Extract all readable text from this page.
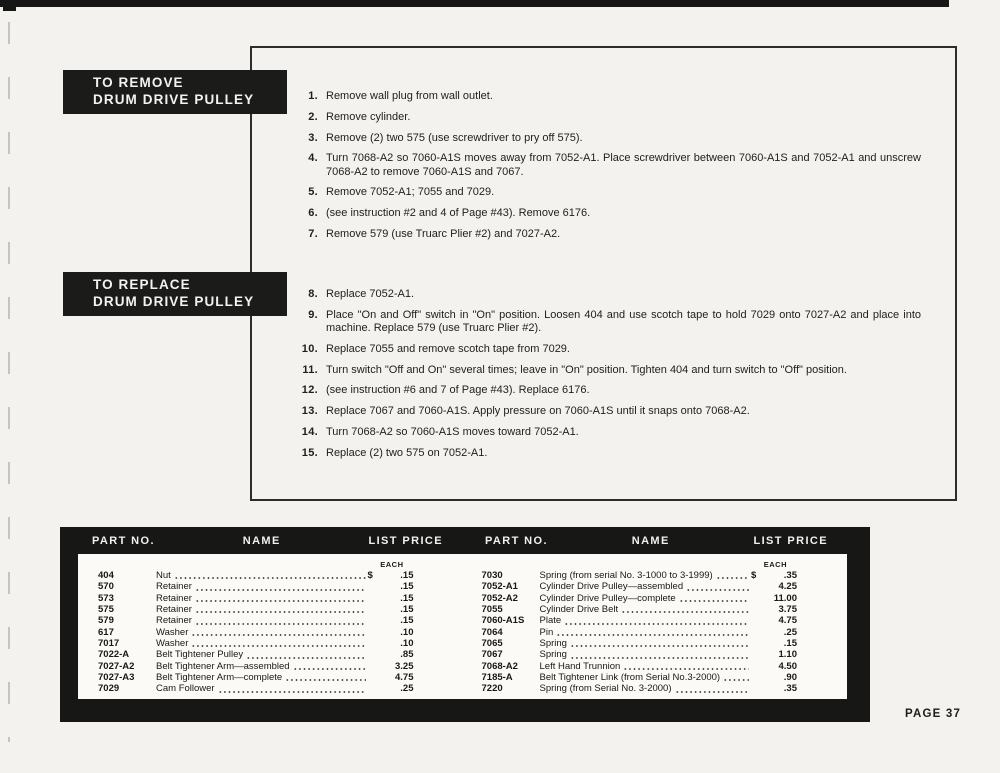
TO REMOVE
DRUM DRIVE PULLEY
TO REPLACE
DRUM DRIVE PULLEY
1. Remove wall plug from wall outlet.
2. Remove cylinder.
3. Remove (2) two 575 (use screwdriver to pry off 575).
4. Turn 7068-A2 so 7060-A1S moves away from 7052-A1. Place screwdriver between 7060-A1S and 7052-A1 and unscrew 7068-A2 to remove 7060-A1S and 7067.
5. Remove 7052-A1; 7055 and 7029.
6. (see instruction #2 and 4 of Page #43). Remove 6176.
7. Remove 579 (use Truarc Plier #2) and 7027-A2.
8. Replace 7052-A1.
9. Place "On and Off" switch in "On" position. Loosen 404 and use scotch tape to hold 7029 onto 7027-A2 and place into machine. Replace 579 (use Truarc Plier #2).
10. Replace 7055 and remove scotch tape from 7029.
11. Turn switch "Off and On" several times; leave in "On" position. Tighten 404 and turn switch to "Off" position.
12. (see instruction #6 and 7 of Page #43). Replace 6176.
13. Replace 7067 and 7060-A1S. Apply pressure on 7060-A1S until it snaps onto 7068-A2.
14. Turn 7068-A2 so 7060-A1S moves toward 7052-A1.
15. Replace (2) two 575 on 7052-A1.
PART NO.	NAME	LIST PRICE	PART NO.	NAME	LIST PRICE
EACH
404	Nut	$	.15
570	Retainer	.15
573	Retainer	.15
575	Retainer	.15
579	Retainer	.15
617	Washer	.10
7017	Washer	.10
7022-A	Belt Tightener Pulley	.85
7027-A2	Belt Tightener Arm—assembled	3.25
7027-A3	Belt Tightener Arm—complete	4.75
7029	Cam Follower	.25
EACH
7030	Spring (from serial No. 3-1000 to 3-1999)	$	.35
7052-A1	Cylinder Drive Pulley—assembled	4.25
7052-A2	Cylinder Drive Pulley—complete	11.00
7055	Cylinder Drive Belt	3.75
7060-A1S	Plate	4.75
7064	Pin	.25
7065	Spring	.15
7067	Spring	1.10
7068-A2	Left Hand Trunnion	4.50
7185-A	Belt Tightener Link (from Serial No.3-2000)	.90
7220	Spring (from Serial No. 3-2000)	.35
PAGE 37
